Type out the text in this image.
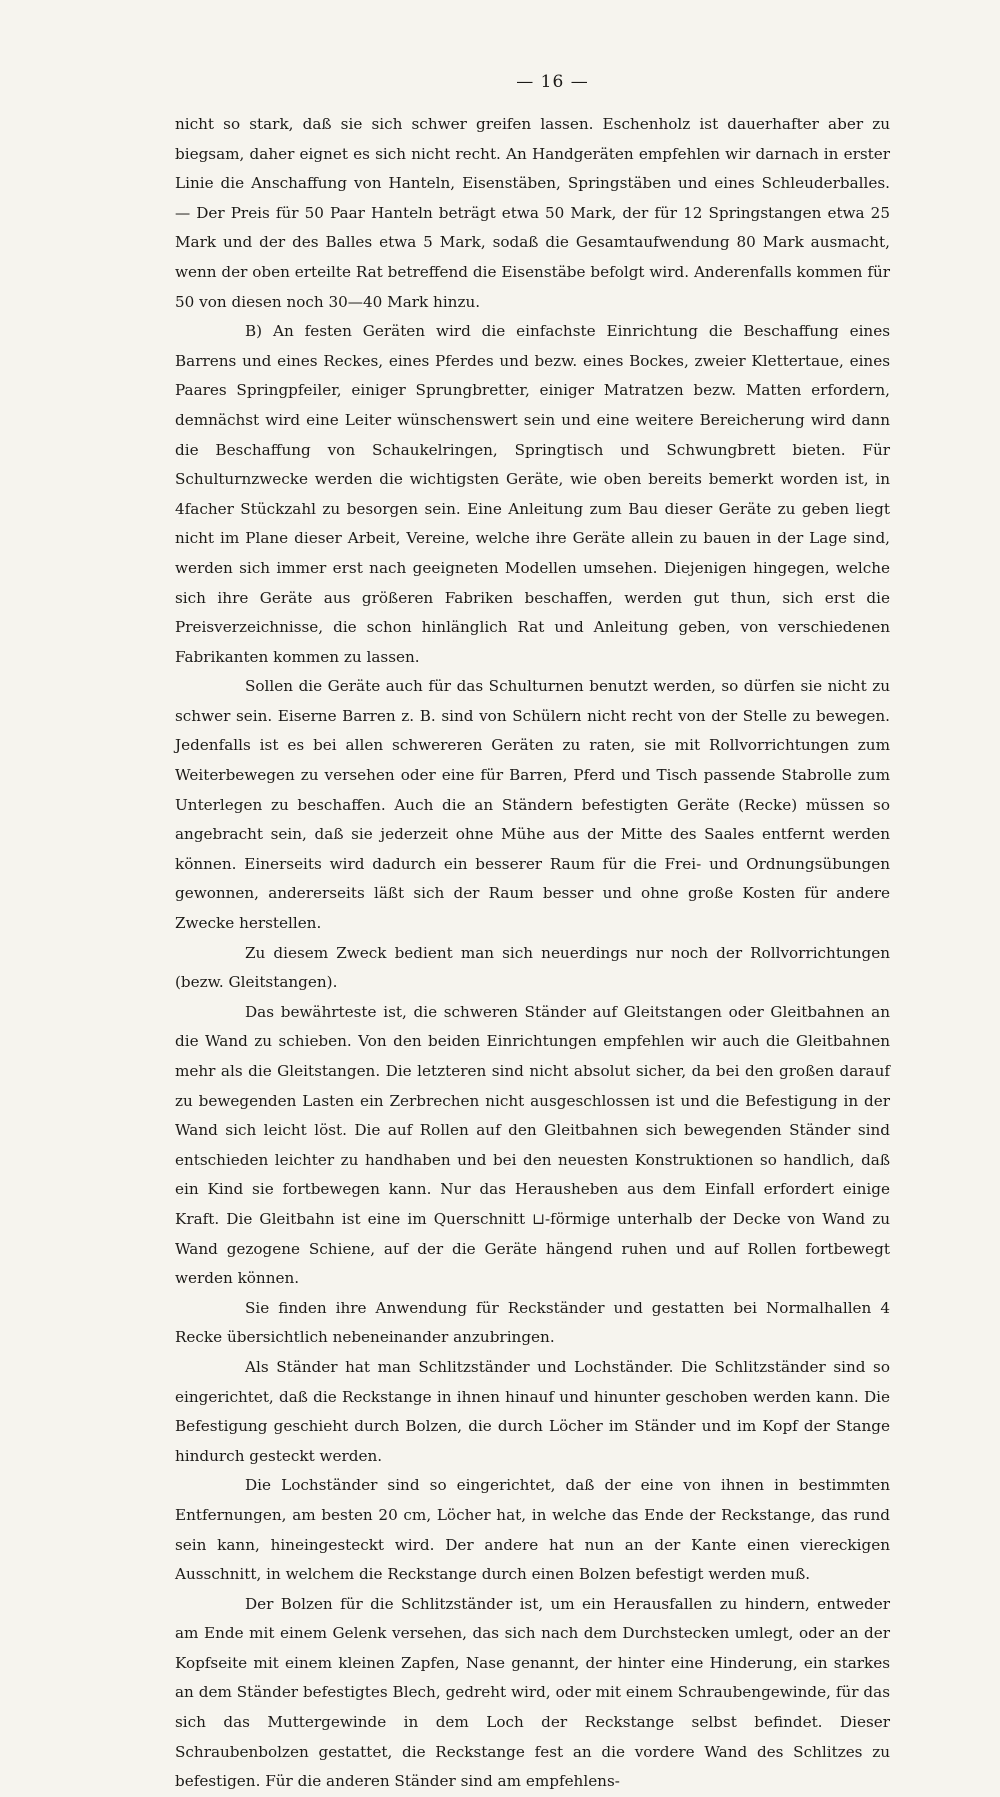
— 16 —

nicht so stark, daß sie sich schwer greifen lassen. Eschenholz ist dauerhafter aber zu biegsam, daher eignet es sich nicht recht. An Handgeräten empfehlen wir darnach in erster Linie die Anschaffung von Hanteln, Eisenstäben, Springstäben und eines Schleuderballes. — Der Preis für 50 Paar Hanteln beträgt etwa 50 Mark, der für 12 Springstangen etwa 25 Mark und der des Balles etwa 5 Mark, sodaß die Gesamtaufwendung 80 Mark ausmacht, wenn der oben erteilte Rat betreffend die Eisenstäbe befolgt wird. Anderenfalls kommen für 50 von diesen noch 30—40 Mark hinzu.

B) An festen Geräten wird die einfachste Einrichtung die Beschaffung eines Barrens und eines Reckes, eines Pferdes und bezw. eines Bockes, zweier Klettertaue, eines Paares Springpfeiler, einiger Sprungbretter, einiger Matratzen bezw. Matten erfordern, demnächst wird eine Leiter wünschenswert sein und eine weitere Bereicherung wird dann die Beschaffung von Schaukelringen, Springtisch und Schwungbrett bieten. Für Schulturnzwecke werden die wichtigsten Geräte, wie oben bereits bemerkt worden ist, in 4facher Stückzahl zu besorgen sein. Eine Anleitung zum Bau dieser Geräte zu geben liegt nicht im Plane dieser Arbeit, Vereine, welche ihre Geräte allein zu bauen in der Lage sind, werden sich immer erst nach geeigneten Modellen umsehen. Diejenigen hingegen, welche sich ihre Geräte aus größeren Fabriken beschaffen, werden gut thun, sich erst die Preisverzeichnisse, die schon hinlänglich Rat und Anleitung geben, von verschiedenen Fabrikanten kommen zu lassen.

Sollen die Geräte auch für das Schulturnen benutzt werden, so dürfen sie nicht zu schwer sein. Eiserne Barren z. B. sind von Schülern nicht recht von der Stelle zu bewegen. Jedenfalls ist es bei allen schwereren Geräten zu raten, sie mit Rollvorrichtungen zum Weiterbewegen zu versehen oder eine für Barren, Pferd und Tisch passende Stabrolle zum Unterlegen zu beschaffen. Auch die an Ständern befestigten Geräte (Recke) müssen so angebracht sein, daß sie jederzeit ohne Mühe aus der Mitte des Saales entfernt werden können. Einerseits wird dadurch ein besserer Raum für die Frei- und Ordnungsübungen gewonnen, andererseits läßt sich der Raum besser und ohne große Kosten für andere Zwecke herstellen.

Zu diesem Zweck bedient man sich neuerdings nur noch der Rollvorrichtungen (bezw. Gleitstangen).

Das bewährteste ist, die schweren Ständer auf Gleitstangen oder Gleitbahnen an die Wand zu schieben. Von den beiden Einrichtungen empfehlen wir auch die Gleitbahnen mehr als die Gleitstangen. Die letzteren sind nicht absolut sicher, da bei den großen darauf zu bewegenden Lasten ein Zerbrechen nicht ausgeschlossen ist und die Befestigung in der Wand sich leicht löst. Die auf Rollen auf den Gleitbahnen sich bewegenden Ständer sind entschieden leichter zu handhaben und bei den neuesten Konstruktionen so handlich, daß ein Kind sie fortbewegen kann. Nur das Herausheben aus dem Einfall erfordert einige Kraft. Die Gleitbahn ist eine im Querschnitt ⊔-förmige unterhalb der Decke von Wand zu Wand gezogene Schiene, auf der die Geräte hängend ruhen und auf Rollen fortbewegt werden können.

Sie finden ihre Anwendung für Reckständer und gestatten bei Normalhallen 4 Recke übersichtlich nebeneinander anzubringen.

Als Ständer hat man Schlitzständer und Lochständer. Die Schlitzständer sind so eingerichtet, daß die Reckstange in ihnen hinauf und hinunter geschoben werden kann. Die Befestigung geschieht durch Bolzen, die durch Löcher im Ständer und im Kopf der Stange hindurch gesteckt werden.

Die Lochständer sind so eingerichtet, daß der eine von ihnen in bestimmten Entfernungen, am besten 20 cm, Löcher hat, in welche das Ende der Reckstange, das rund sein kann, hineingesteckt wird. Der andere hat nun an der Kante einen viereckigen Ausschnitt, in welchem die Reckstange durch einen Bolzen befestigt werden muß.

Der Bolzen für die Schlitzständer ist, um ein Herausfallen zu hindern, entweder am Ende mit einem Gelenk versehen, das sich nach dem Durchstecken umlegt, oder an der Kopfseite mit einem kleinen Zapfen, Nase genannt, der hinter eine Hinderung, ein starkes an dem Ständer befestigtes Blech, gedreht wird, oder mit einem Schraubengewinde, für das sich das Muttergewinde in dem Loch der Reckstange selbst befindet. Dieser Schraubenbolzen gestattet, die Reckstange fest an die vordere Wand des Schlitzes zu befestigen. Für die anderen Ständer sind am empfehlens-
